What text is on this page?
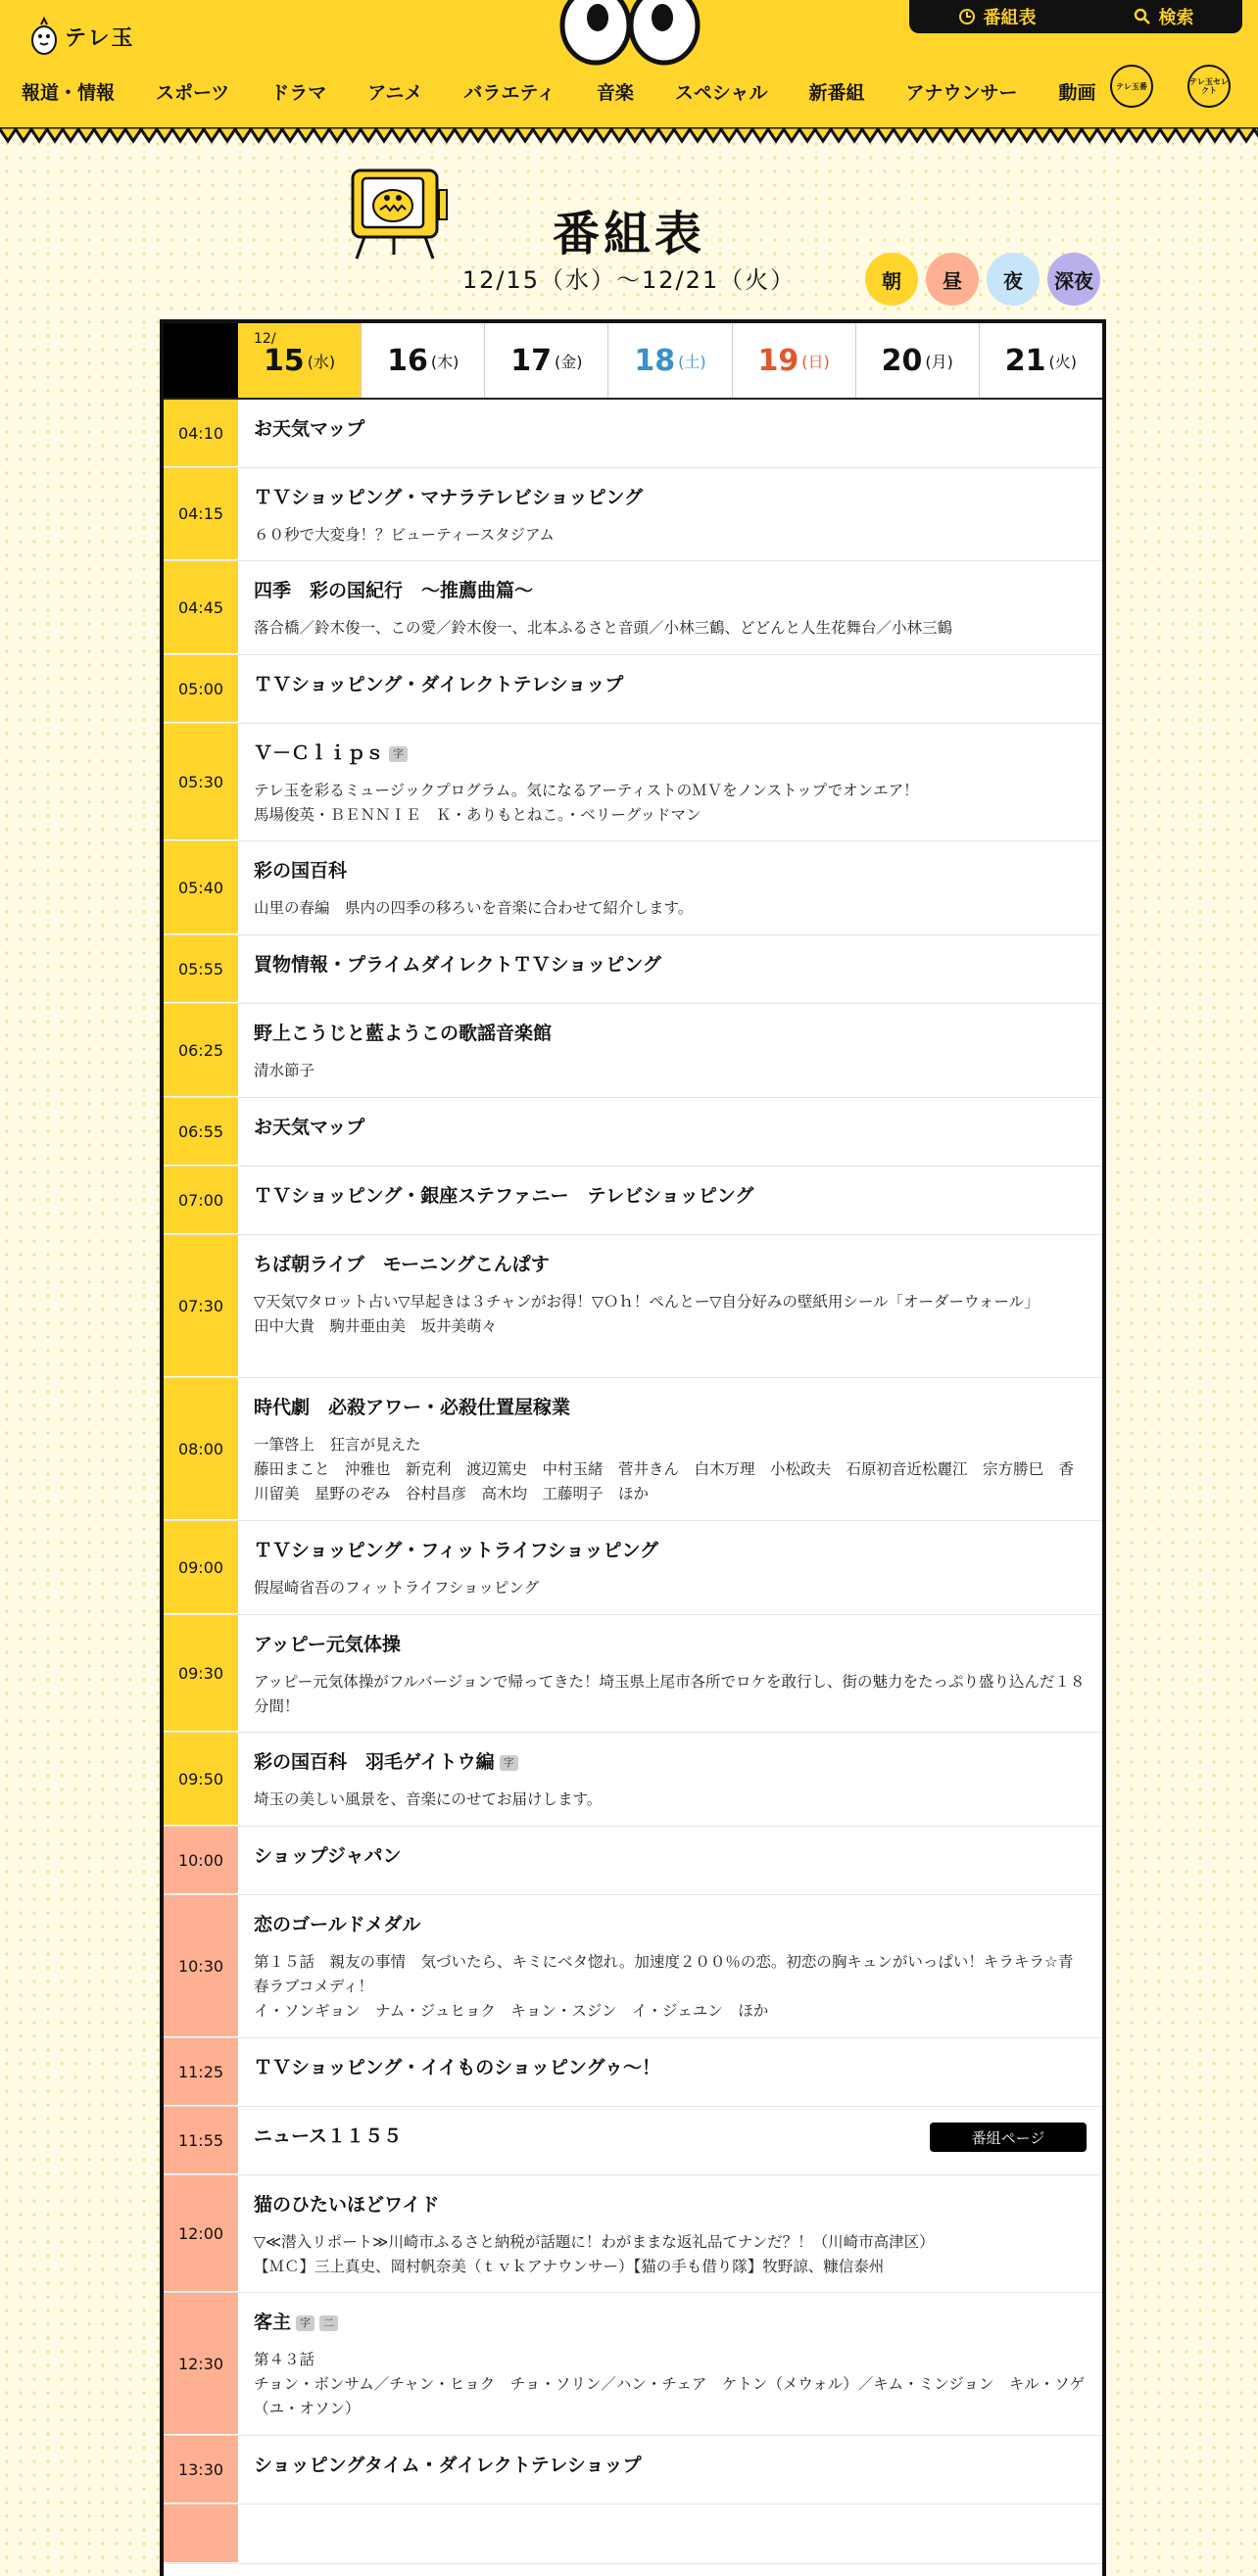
テレ玉
番組表	検索
報道・情報 スポーツ ドラマ アニメ バラエティ 音楽 スペシャル 新番組 アナウンサー 動画	テレ玉番	テレ玉セレクト
番組表
12/15（水）〜12/21（火）	朝 昼 夜 深夜
12/
15 (水) 16 (木) 17 (金) 18 (土) 19 (日) 20 (月) 21 (火)
04:10	お天気マップ
04:15
ＴＶショッピング・マナラテレビショッピング
６０秒で大変身！？ビューティースタジアム
04:45
四季　彩の国紀行　～推薦曲篇～
落合橋／鈴木俊一、この愛／鈴木俊一、北本ふるさと音頭／小林三鶴、どどんと人生花舞台／小林三鶴
05:00	ＴＶショッピング・ダイレクトテレショップ
05:30
Ｖ－Ｃｌｉｐｓ 字
テレ玉を彩るミュージックプログラム。気になるアーティストのＭＶをノンストップでオンエア！
馬場俊英・ＢＥＮＮＩＥ　Ｋ・ありもとねこ。・ベリーグッドマン
05:40
彩の国百科
山里の春編　県内の四季の移ろいを音楽に合わせて紹介します。
05:55	買物情報・プライムダイレクトＴＶショッピング
06:25
野上こうじと藍ようこの歌謡音楽館
清水節子
06:55	お天気マップ
07:00	ＴＶショッピング・銀座ステファニー　テレビショッピング
07:30
ちば朝ライブ　モーニングこんぱす
▽天気▽タロット占い▽早起きは３チャンがお得！▽Ｏｈ！ぺんとー▽自分好みの壁紙用シール「オーダーウォール」
田中大貴　駒井亜由美　坂井美萌々
08:00
時代劇　必殺アワー・必殺仕置屋稼業
一筆啓上　狂言が見えた
藤田まこと　沖雅也　新克利　渡辺篤史　中村玉緒　菅井きん　白木万理　小松政夫　石原初音近松麗江　宗方勝巳　香川留美　星野のぞみ　谷村昌彦　高木均　工藤明子　ほか
09:00
ＴＶショッピング・フィットライフショッピング
假屋崎省吾のフィットライフショッピング
09:30
アッピー元気体操
アッピー元気体操がフルバージョンで帰ってきた！埼玉県上尾市各所でロケを敢行し、街の魅力をたっぷり盛り込んだ１８分間！
09:50
彩の国百科　羽毛ゲイトウ編 字
埼玉の美しい風景を、音楽にのせてお届けします。
10:00	ショップジャパン
10:30
恋のゴールドメダル
第１５話　親友の事情　気づいたら、キミにベタ惚れ。加速度２００％の恋。初恋の胸キュンがいっぱい！キラキラ☆青春ラブコメディ！
イ・ソンギョン　ナム・ジュヒョク　キョン・スジン　イ・ジェユン　ほか
11:25	ＴＶショッピング・イイものショッピングゥ～！
11:55	ニュース１１５５	番組ページ
12:00
猫のひたいほどワイド
▽≪潜入リポート≫川崎市ふるさと納税が話題に！わがままな返礼品てナンだ？！（川崎市高津区）
【ＭＣ】三上真史、岡村帆奈美（ｔｖｋアナウンサー）【猫の手も借り隊】牧野諒、糠信泰州
12:30
客主 字 二
第４３話
チョン・ボンサム／チャン・ヒョク　チョ・ソリン／ハン・チェア　ケトン（メウォル）／キム・ミンジョン　キル・ソゲ（ユ・オソン）
13:30	ショッピングタイム・ダイレクトテレショップ
